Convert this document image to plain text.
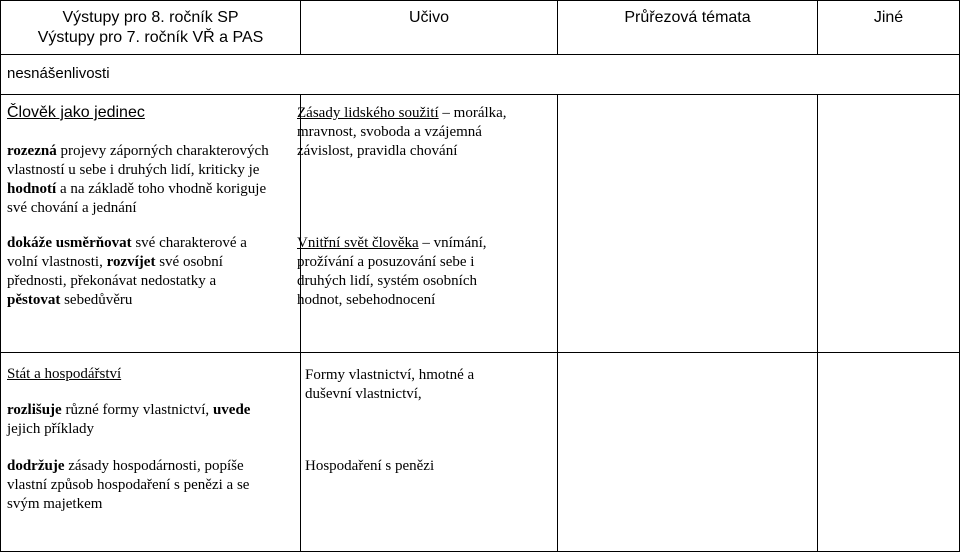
Výstupy pro 8. ročník SP
Výstupy pro 7. ročník VŘ a PAS
Učivo	Průřezová témata	Jiné
nesnášenlivosti
Člověk jako jedinec
rozezná projevy záporných charakterových
vlastností u sebe i druhých lidí, kriticky je
hodnotí a na základě toho vhodně koriguje
své chování a jednání
Zásady lidského soužití – morálka,
mravnost, svoboda a vzájemná
závislost, pravidla chování
dokáže usměrňovat své charakterové a
volní vlastnosti, rozvíjet své osobní
přednosti, překonávat nedostatky a
pěstovat sebedůvěru
Vnitřní svět člověka – vnímání,
prožívání a posuzování sebe i
druhých lidí, systém osobních
hodnot, sebehodnocení
Stát a hospodářství
rozlišuje různé formy vlastnictví, uvede
jejich příklady
Formy vlastnictví, hmotné a
duševní vlastnictví,
dodržuje zásady hospodárnosti, popíše
vlastní způsob hospodaření s penězi a se
svým majetkem
Hospodaření s penězi
